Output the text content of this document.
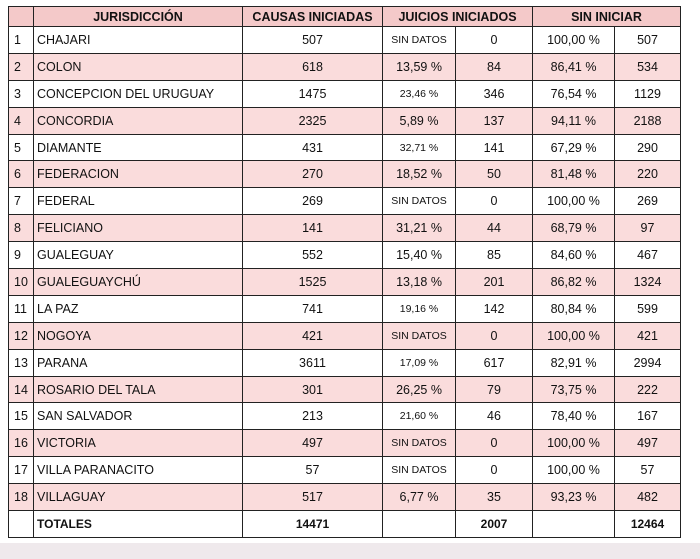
	JURISDICCIÓN	CAUSAS INICIADAS	JUICIOS INICIADOS		SIN INICIAR	
1	CHAJARI	507	SIN DATOS	0	100,00 %	507
2	COLON	618	13,59 %	84	86,41 %	534
3	CONCEPCION DEL URUGUAY	1475	23,46 %	346	76,54 %	1129
4	CONCORDIA	2325	5,89 %	137	94,11 %	2188
5	DIAMANTE	431	32,71 %	141	67,29 %	290
6	FEDERACION	270	18,52 %	50	81,48 %	220
7	FEDERAL	269	SIN DATOS	0	100,00 %	269
8	FELICIANO	141	31,21 %	44	68,79 %	97
9	GUALEGUAY	552	15,40 %	85	84,60 %	467
10	GUALEGUAYCHÚ	1525	13,18 %	201	86,82 %	1324
11	LA PAZ	741	19,16 %	142	80,84 %	599
12	NOGOYA	421	SIN DATOS	0	100,00 %	421
13	PARANA	3611	17,09 %	617	82,91 %	2994
14	ROSARIO DEL TALA	301	26,25 %	79	73,75 %	222
15	SAN SALVADOR	213	21,60 %	46	78,40 %	167
16	VICTORIA	497	SIN DATOS	0	100,00 %	497
17	VILLA PARANACITO	57	SIN DATOS	0	100,00 %	57
18	VILLAGUAY	517	6,77 %	35	93,23 %	482
	TOTALES	14471		2007		12464
